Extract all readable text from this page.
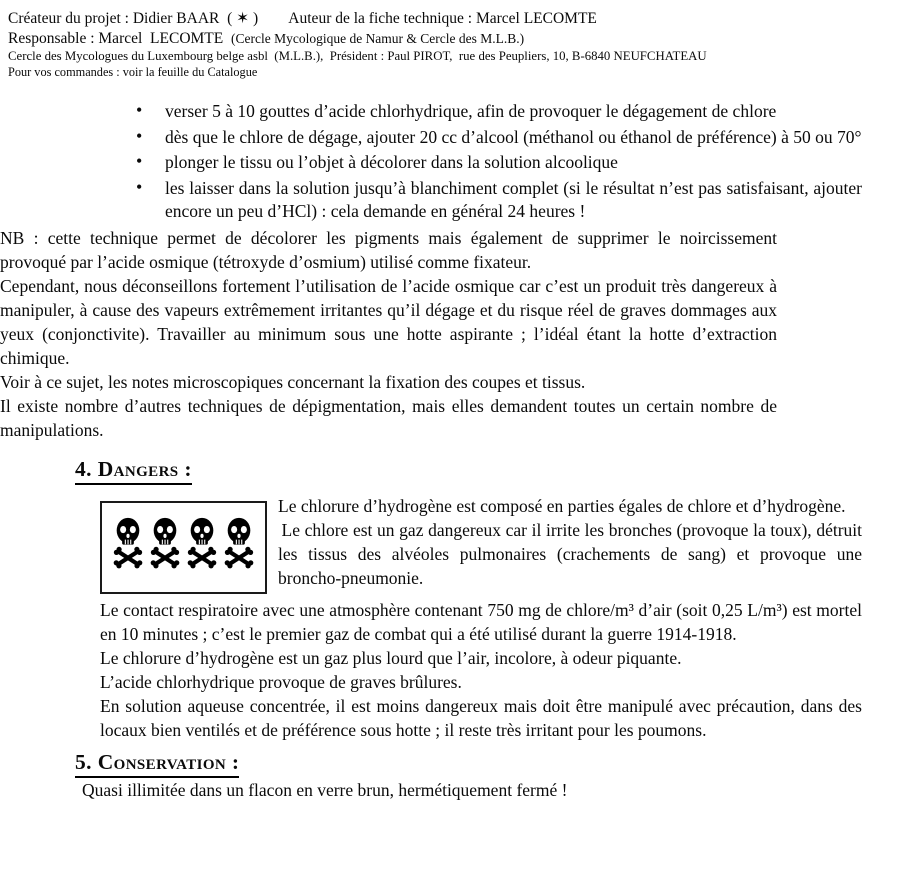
Créateur du projet : Didier BAAR  ( ✶ )        Auteur de la fiche technique : Marcel LECOMTE
Responsable : Marcel  LECOMTE  (Cercle Mycologique de Namur & Cercle des M.L.B.)
Cercle des Mycologues du Luxembourg belge asbl  (M.L.B.),  Président : Paul PIROT,  rue des Peupliers, 10, B-6840 NEUFCHATEAU
Pour vos commandes : voir la feuille du Catalogue
• verser 5 à 10 gouttes d’acide chlorhydrique, afin de provoquer le dégagement de chlore
• dès que le chlore de dégage, ajouter 20 cc d’alcool (méthanol ou éthanol de préférence) à 50 ou 70°
• plonger le tissu ou l’objet à décolorer dans la solution alcoolique
• les laisser dans la solution jusqu’à blanchiment complet (si le résultat n’est pas satisfaisant, ajouter encore un peu d’HCl) : cela demande en général 24 heures !

NB : cette technique permet de décolorer les pigments mais également de supprimer le noircissement provoqué par l’acide osmique (tétroxyde d’osmium) utilisé comme fixateur.

Cependant, nous déconseillons fortement l’utilisation de l’acide osmique car c’est un produit très dangereux à manipuler, à cause des vapeurs extrêmement irritantes qu’il dégage et du risque réel de graves dommages aux yeux (conjonctivite). Travailler au minimum sous une hotte aspirante ; l’idéal étant la hotte d’extraction chimique.

Voir à ce sujet, les notes microscopiques concernant la fixation des coupes et tissus.

Il existe nombre d’autres techniques de dépigmentation, mais elles demandent toutes un certain nombre de manipulations.

4. Dangers :

Le chlorure d’hydrogène est composé en parties égales de chlore et d’hydrogène.

 Le chlore est un gaz dangereux car il irrite les bronches (provoque la toux), détruit les tissus des alvéoles pulmonaires (crachements de sang) et provoque une broncho-pneumonie.

Le contact respiratoire avec une atmosphère contenant 750 mg de chlore/m³ d’air (soit 0,25 L/m³) est mortel en 10 minutes ; c’est le premier gaz de combat qui a été utilisé durant la guerre 1914-1918.

Le chlorure d’hydrogène est un gaz plus lourd que l’air, incolore, à odeur piquante.

L’acide chlorhydrique provoque de graves brûlures.

En solution aqueuse concentrée, il est moins dangereux mais doit être manipulé avec précaution, dans des locaux bien ventilés et de préférence sous hotte ; il reste très irritant pour les poumons.

5. Conservation :

Quasi illimitée dans un flacon en verre brun, hermétiquement fermé !
